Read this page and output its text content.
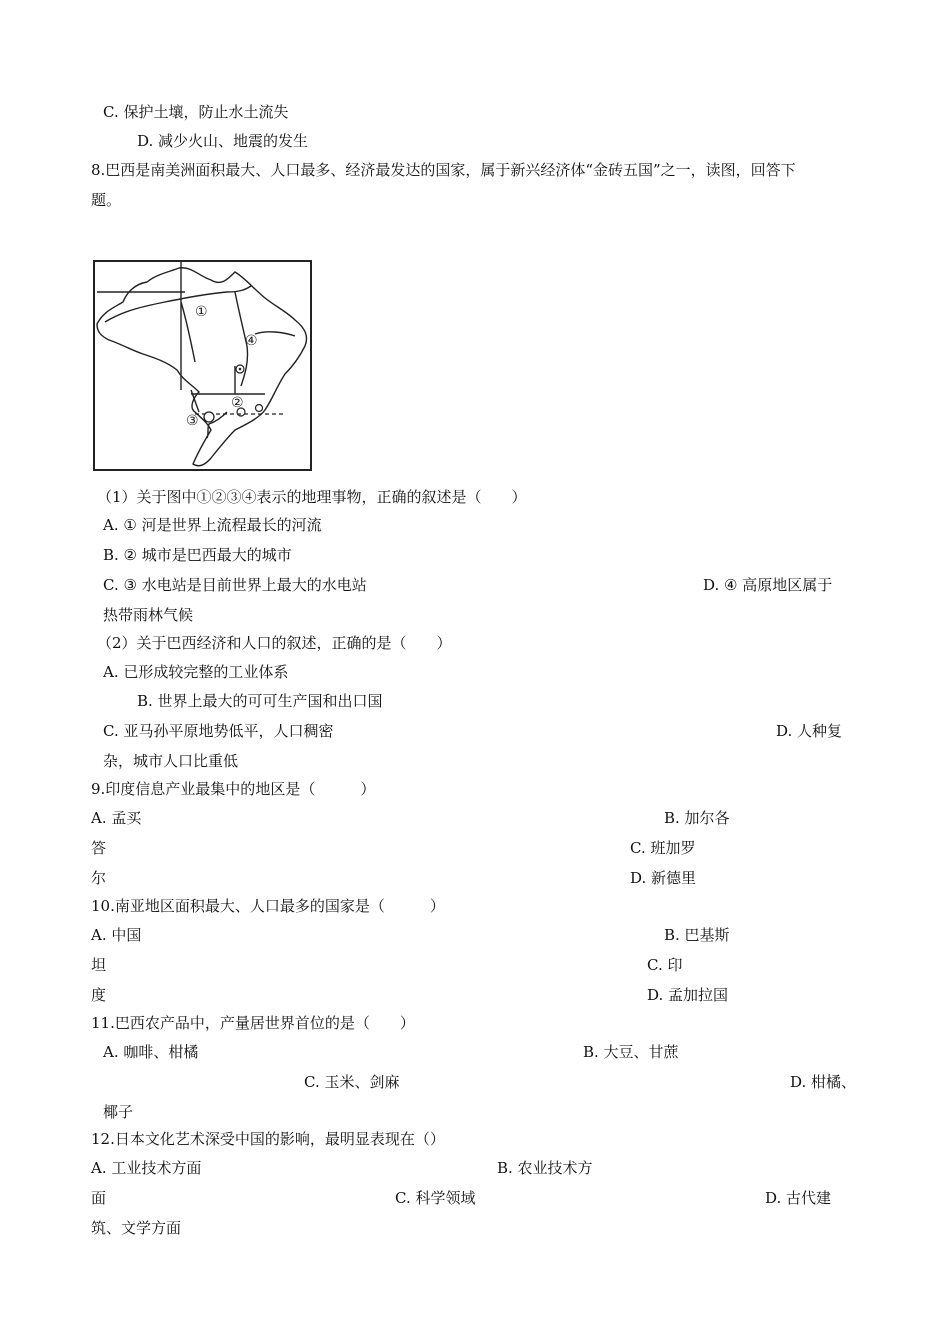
C. 保护土壤，防止水土流失
D. 减少火山、地震的发生
8.巴西是南美洲面积最大、人口最多、经济最发达的国家，属于新兴经济体“金砖五国”之一，读图，回答下
题。
①
④
②
③
（1）关于图中①②③④表示的地理事物，正确的叙述是（　　）
A. ① 河是世界上流程最长的河流
B. ② 城市是巴西最大的城市
C. ③ 水电站是目前世界上最大的水电站	D. ④ 高原地区属于
热带雨林气候
（2）关于巴西经济和人口的叙述，正确的是（　　）
A. 已形成较完整的工业体系
B. 世界上最大的可可生产国和出口国
C. 亚马孙平原地势低平，人口稠密	D. 人种复
杂，城市人口比重低
9.印度信息产业最集中的地区是（　　　）
A. 孟买	B. 加尔各
答	C. 班加罗
尔	D. 新德里
10.南亚地区面积最大、人口最多的国家是（　　　）
A. 中国	B. 巴基斯
坦	C. 印
度	D. 孟加拉国
11.巴西农产品中，产量居世界首位的是（　　）
A. 咖啡、柑橘	B. 大豆、甘蔗
C. 玉米、剑麻	D. 柑橘、
椰子
12.日本文化艺术深受中国的影响，最明显表现在（）
A. 工业技术方面	B. 农业技术方
面	C. 科学领域	D. 古代建
筑、文学方面
